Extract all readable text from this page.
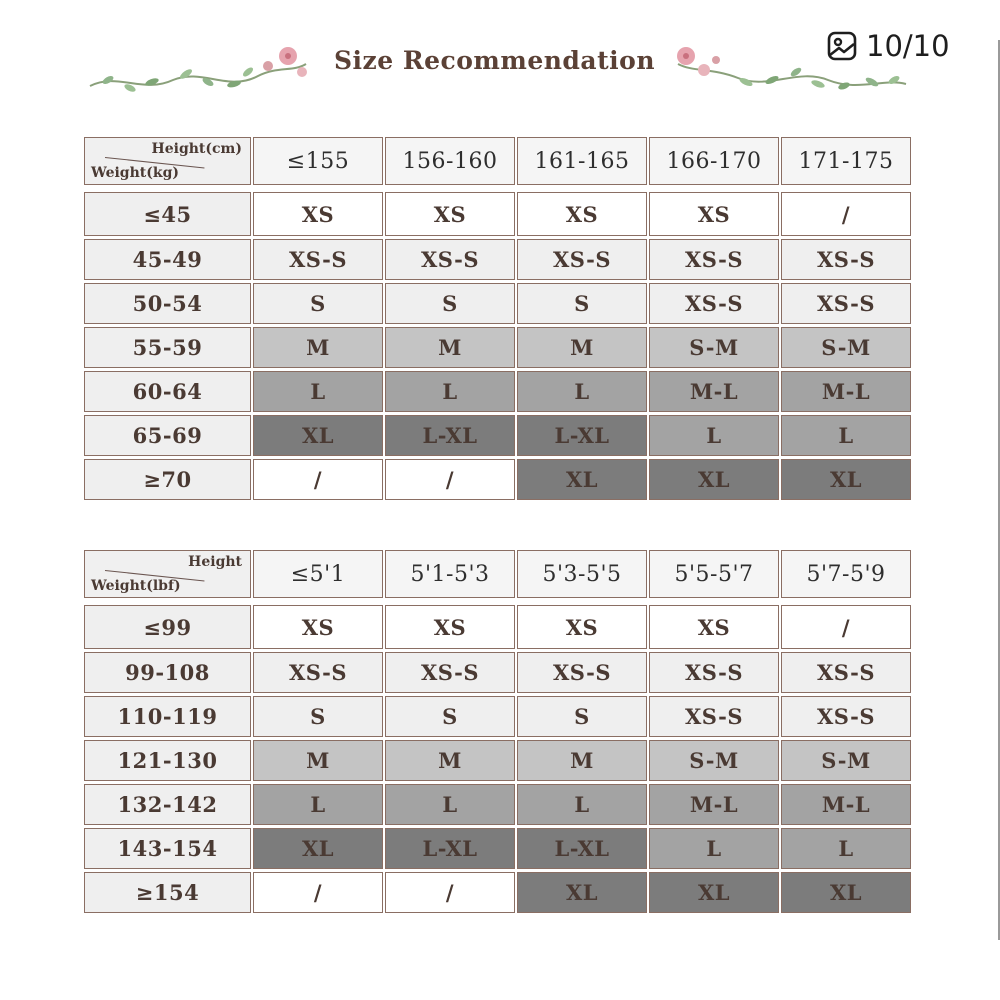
10/10
Size Recommendation
Height(cm)
Weight(kg)	≤155	156-160	161-165	166-170	171-175
≤45	XS	XS	XS	XS	/
45-49	XS-S	XS-S	XS-S	XS-S	XS-S
50-54	S	S	S	XS-S	XS-S
55-59	M	M	M	S-M	S-M
60-64	L	L	L	M-L	M-L
65-69	XL	L-XL	L-XL	L	L
≥70	/	/	XL	XL	XL
Height
Weight(lbf)	≤5'1	5'1-5'3	5'3-5'5	5'5-5'7	5'7-5'9
≤99	XS	XS	XS	XS	/
99-108	XS-S	XS-S	XS-S	XS-S	XS-S
110-119	S	S	S	XS-S	XS-S
121-130	M	M	M	S-M	S-M
132-142	L	L	L	M-L	M-L
143-154	XL	L-XL	L-XL	L	L
≥154	/	/	XL	XL	XL
